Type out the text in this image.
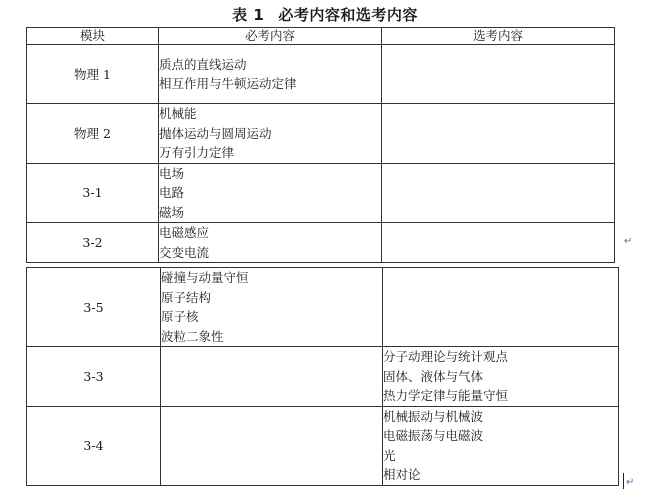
表 1 必考内容和选考内容
模块	必考内容	选考内容
物理 1	质点的直线运动
相互作用与牛顿运动定律	

物理 2	机械能
抛体运动与圆周运动
万有引力定律	

3-1	电场
电路
磁场	

3-2	电磁感应
交变电流	

↵
3-5	碰撞与动量守恒
原子结构
原子核
波粒二象性	

3-3		分子动理论与统计观点
固体、液体与气体
热力学定律与能量守恒

3-4		机械振动与机械波
电磁振荡与电磁波
光
相对论
↵
